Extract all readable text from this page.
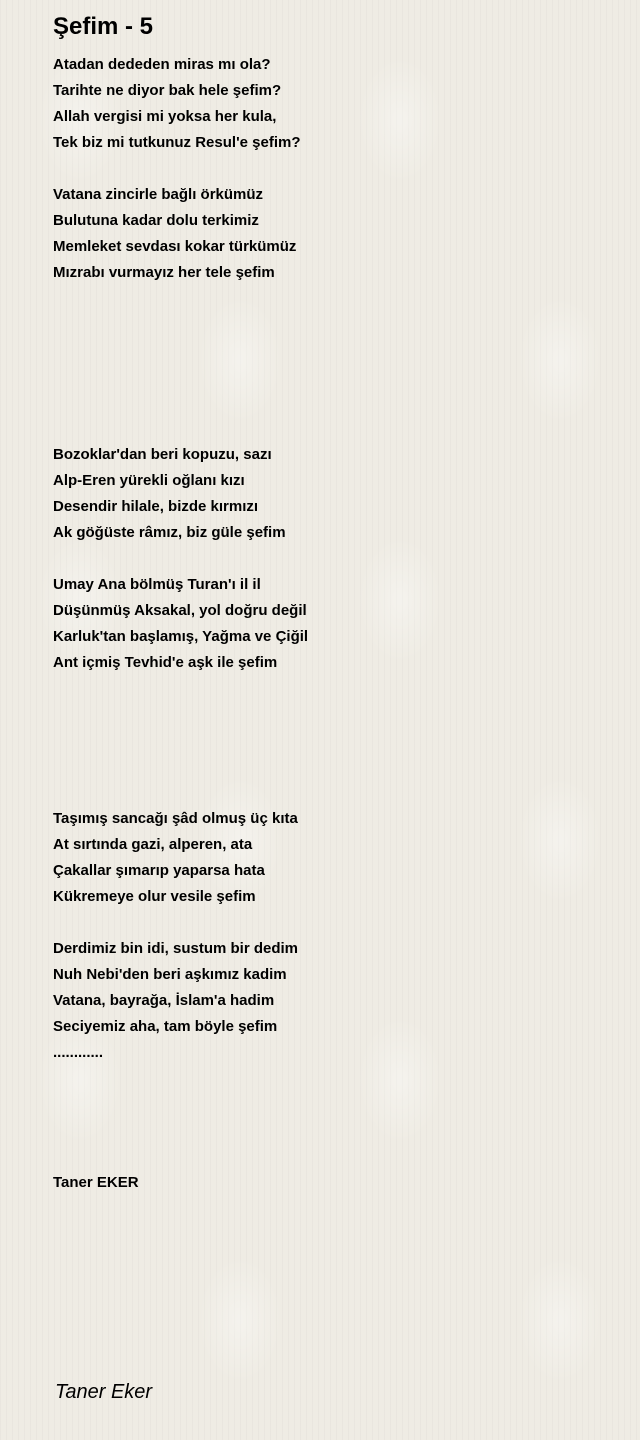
Şefim - 5
Atadan dededen miras mı ola?
Tarihte ne diyor bak hele şefim?
Allah vergisi mi yoksa her kula,
Tek biz mi tutkunuz Resul'e şefim?
Vatana zincirle bağlı örkümüz
Bulutuna kadar dolu terkimiz
Memleket sevdası kokar türkümüz
Mızrabı vurmayız her tele şefim
Bozoklar'dan beri kopuzu, sazı
Alp-Eren yürekli oğlanı kızı
Desendir hilale, bizde kırmızı
Ak göğüste râmız, biz güle şefim
Umay Ana bölmüş Turan'ı il il
Düşünmüş Aksakal, yol doğru değil
Karluk'tan başlamış, Yağma ve Çiğil
Ant içmiş Tevhid'e aşk ile şefim
Taşımış sancağı şâd olmuş üç kıta
At sırtında gazi, alperen, ata
Çakallar şımarıp yaparsa hata
Kükremeye olur vesile şefim
Derdimiz bin idi, sustum bir dedim
Nuh Nebi'den beri aşkımız kadim
Vatana, bayrağa, İslam'a hadim
Seciyemiz aha, tam böyle şefim
............
Taner EKER
Taner Eker
